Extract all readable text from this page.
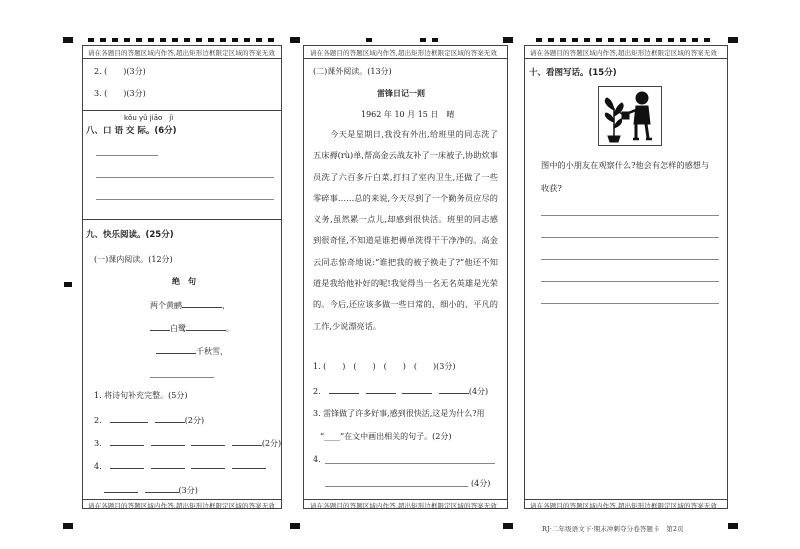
请在各题目的答题区域内作答,超出矩形边框限定区域的答案无效
2. (　　)(3分)
3. (　　)(3分)
kǒu yǔ jiāo　jì
八、口 语 交 际。(6分)
九、快乐阅读。(25分)
(一)课内阅读。(12分)
绝　句
两个黄鹂	，
白鹭	。
千秋雪，
1. 将诗句补充完整。(5分)
2.	(2分)
3.	(2分)
4.
(3分)
请在各题目的答题区域内作答,超出矩形边框限定区域的答案无效
请在各题目的答题区域内作答,超出矩形边框限定区域的答案无效
(二)课外阅读。(13分)
雷锋日记一则
1962 年 10 月 15 日　晴
　　今天是星期日,我没有外出,给班里的同志洗了五床褥(rù)单,帮高金云战友补了一床被子,协助炊事员洗了六百多斤白菜,打扫了室内卫生,还做了一些零碎事……总的来说,今天尽到了一个勤务员应尽的义务,虽然累一点儿,却感到很快活。班里的同志感到很奇怪,不知道是谁把褥单洗得干干净净的。高金云同志惊奇地说:“谁把我的被子换走了?”他还不知道是我给他补好的呢!我觉得当一名无名英雄是光荣的。今后,还应该多做一些日常的、细小的、平凡的工作,少说漂亮话。
1. (　　)　(　　)　(　　)　(　　)(3分)
2.	(4分)
3. 雷锋做了许多好事,感到很快活,这是为什么?用
“____”在文中画出相关的句子。(2分)
4.
(4分)
请在各题目的答题区域内作答,超出矩形边框限定区域的答案无效
请在各题目的答题区域内作答,超出矩形边框限定区域的答案无效
十、看图写话。(15分)
图中的小朋友在观察什么?他会有怎样的感想与
收获?
请在各题目的答题区域内作答,超出矩形边框限定区域的答案无效
RJ·二年级语文下·期末冲刺夺分卷答题卡　第2页
